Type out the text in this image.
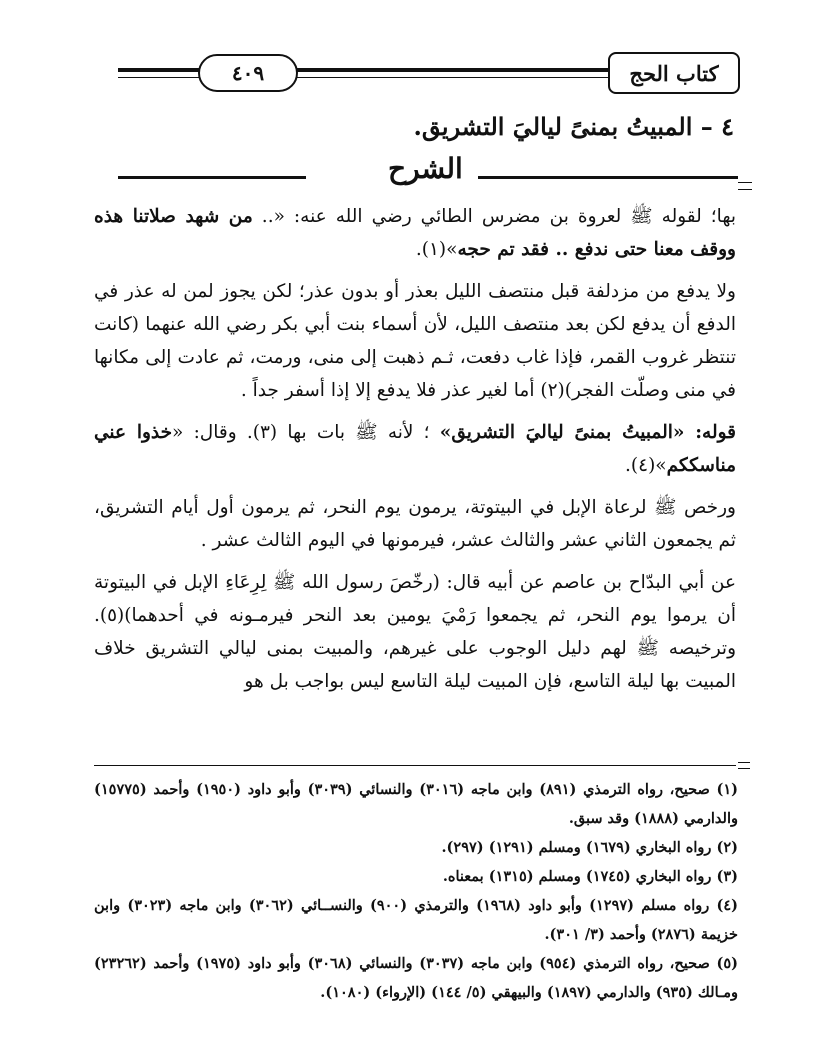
كتاب الحج
٤٠٩
٤ – المبيتُ بمنىً لياليَ التشريق.
الشرح

بها؛ لقوله ﷺ لعروة بن مضرس الطائي رضي الله عنه: «.. من شهد صلاتنا هذه ووقف معنا حتى ندفع .. فقد تم حجه»(١).

ولا يدفع من مزدلفة قبل منتصف الليل بعذر أو بدون عذر؛ لكن يجوز لمن له عذر في الدفع أن يدفع لكن بعد منتصف الليل، لأن أسماء بنت أبي بكر رضي الله عنهما (كانت تنتظر غروب القمر، فإذا غاب دفعت، ثـم ذهبت إلى منى، ورمت، ثم عادت إلى مكانها في منى وصلّت الفجر)(٢) أما لغير عذر فلا يدفع إلا إذا أسفر جداً .

قوله: «المبيتُ بمنىً لياليَ التشريق» ؛ لأنه ﷺ بات بها (٣). وقال: «خذوا عني مناسككم»(٤).

ورخص ﷺ لرعاة الإبل في البيتوتة، يرمون يوم النحر، ثم يرمون أول أيام التشريق، ثم يجمعون الثاني عشر والثالث عشر، فيرمونها في اليوم الثالث عشر .

عن أبي البدّاح بن عاصم عن أبيه قال: (رخّصَ رسول الله ﷺ لِرِعَاءِ الإبل في البيتوتة أن يرموا يوم النحر، ثم يجمعوا رَمْيَ يومين بعد النحر فيرمـونه في أحدهما)(٥). وترخيصه ﷺ لهم دليل الوجوب على غيرهم، والمبيت بمنى ليالي التشريق خلاف المبيت بها ليلة التاسع، فإن المبيت ليلة التاسع ليس بواجب بل هو

(١) صحيح، رواه الترمذي (٨٩١) وابن ماجه (٣٠١٦) والنسائي (٣٠٣٩) وأبو داود (١٩٥٠) وأحمد (١٥٧٧٥) والدارمي (١٨٨٨) وقد سبق.

(٢) رواه البخاري (١٦٧٩) ومسلم (١٢٩١) (٢٩٧).

(٣) رواه البخاري (١٧٤٥) ومسلم (١٣١٥) بمعناه.

(٤) رواه مسلم (١٢٩٧) وأبو داود (١٩٦٨) والترمذي (٩٠٠) والنســائي (٣٠٦٢) وابن ماجه (٣٠٢٣) وابن خزيمة (٢٨٧٦) وأحمد (٣/ ٣٠١).

(٥) صحيح، رواه الترمذي (٩٥٤) وابن ماجه (٣٠٣٧) والنسائي (٣٠٦٨) وأبو داود (١٩٧٥) وأحمد (٢٣٢٦٢) ومـالك (٩٣٥) والدارمي (١٨٩٧) والبيهقي (٥/ ١٤٤) (الإرواء) (١٠٨٠).
